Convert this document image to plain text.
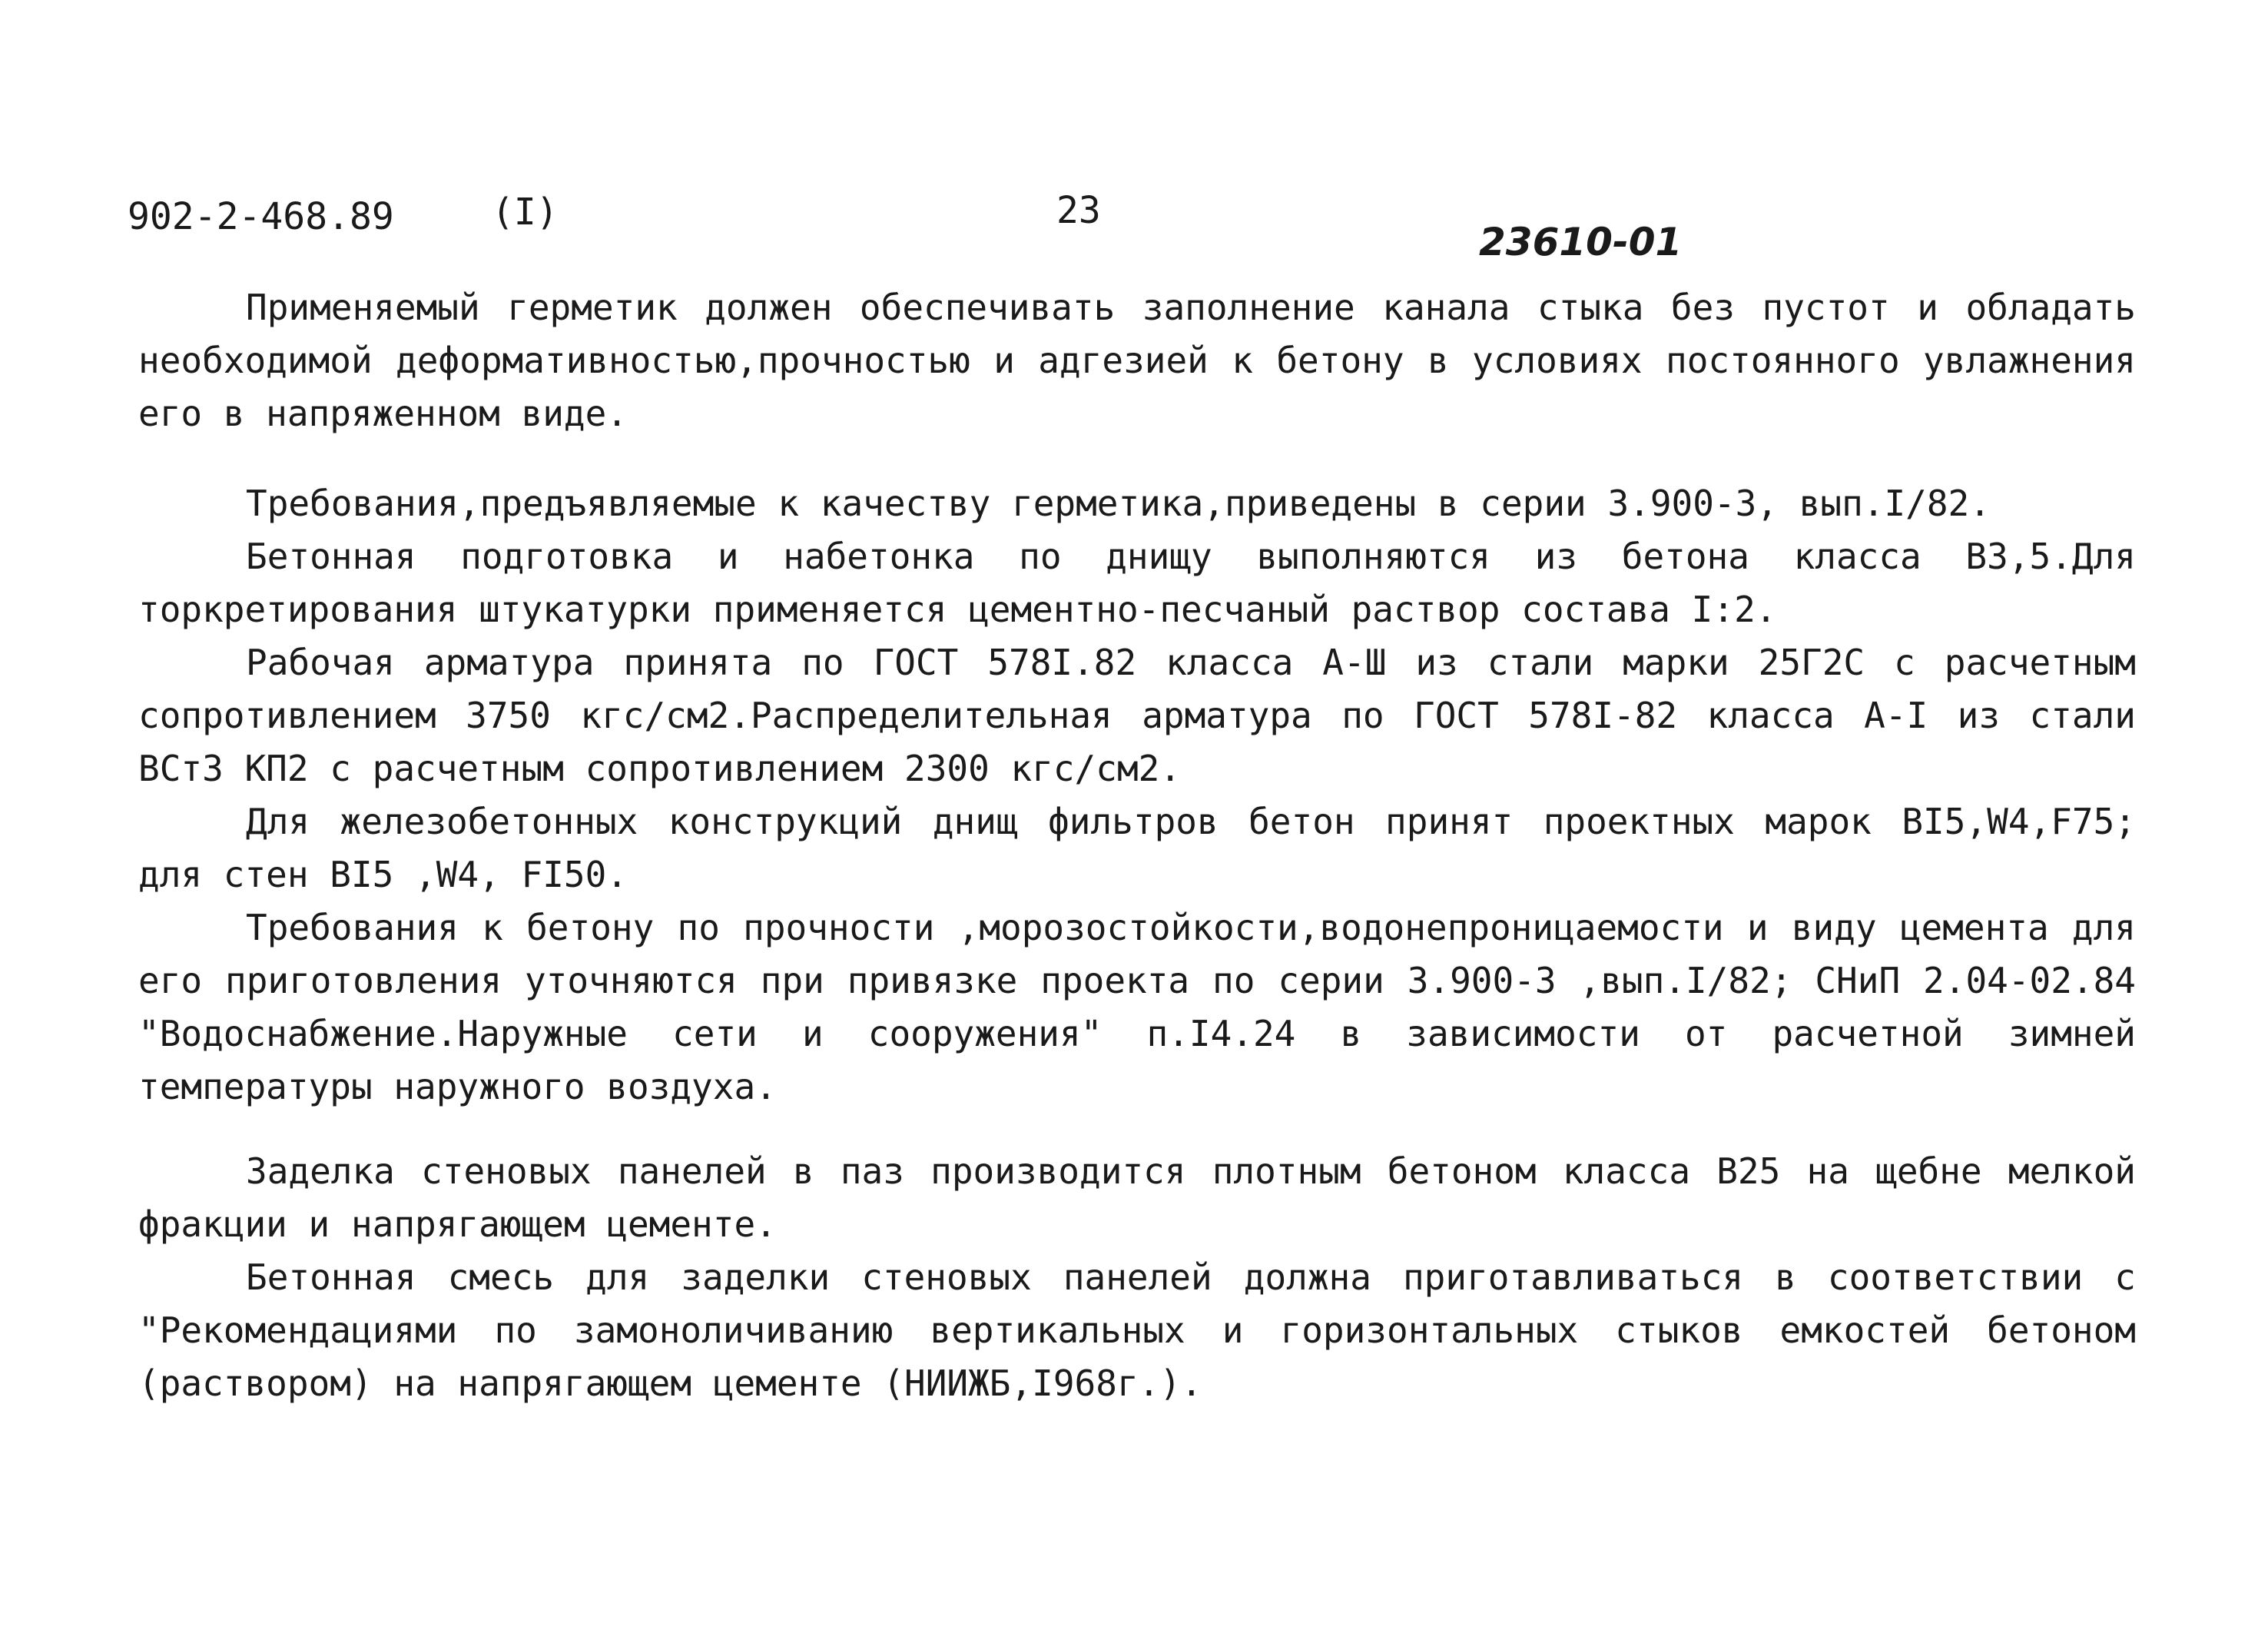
902-2-468.89	(I)	23
23610-01

Применяемый герметик должен обеспечивать заполнение канала стыка без пустот и обладать необходимой деформативностью,прочностью и адгезией к бетону в условиях постоянного увлажнения его в напряженном виде.

Требования,предъявляемые к качеству герметика,приведены в серии 3.900-3, вып.I/82.

Бетонная подготовка и набетонка по днищу выполняются из бетона класса B3,5.Для торкретирования штукатурки применяется цементно-песчаный раствор состава I:2.

Рабочая арматура принята по ГОСТ 578I.82 класса А-Ш из стали марки 25Г2С с расчетным сопротивлением 3750 кгс/см2.Распределительная арматура по ГОСТ 578I-82 класса А-I из стали ВСт3 КП2 с расчетным сопротивлением 2300 кгс/см2.

Для железобетонных конструкций днищ фильтров бетон принят проектных марок ВI5,W4,F75; для стен ВI5 ,W4, FI50.

Требования к бетону по прочности ,морозостойкости,водонепроницаемости и виду цемента для его приготовления уточняются при привязке проекта по серии 3.900-3 ,вып.I/82; СНиП 2.04-02.84 "Водоснабжение.Наружные сети и сооружения" п.I4.24 в зависимости от расчетной зимней температуры наружного воздуха.

Заделка стеновых панелей в паз производится плотным бетоном класса В25 на щебне мелкой фракции и напрягающем цементе.

Бетонная смесь для заделки стеновых панелей должна приготавливаться в соответствии с "Рекомендациями по замоноличиванию вертикальных и горизонтальных стыков емкостей бетоном (раствором) на напрягающем цементе (НИИЖБ,I968г.).
